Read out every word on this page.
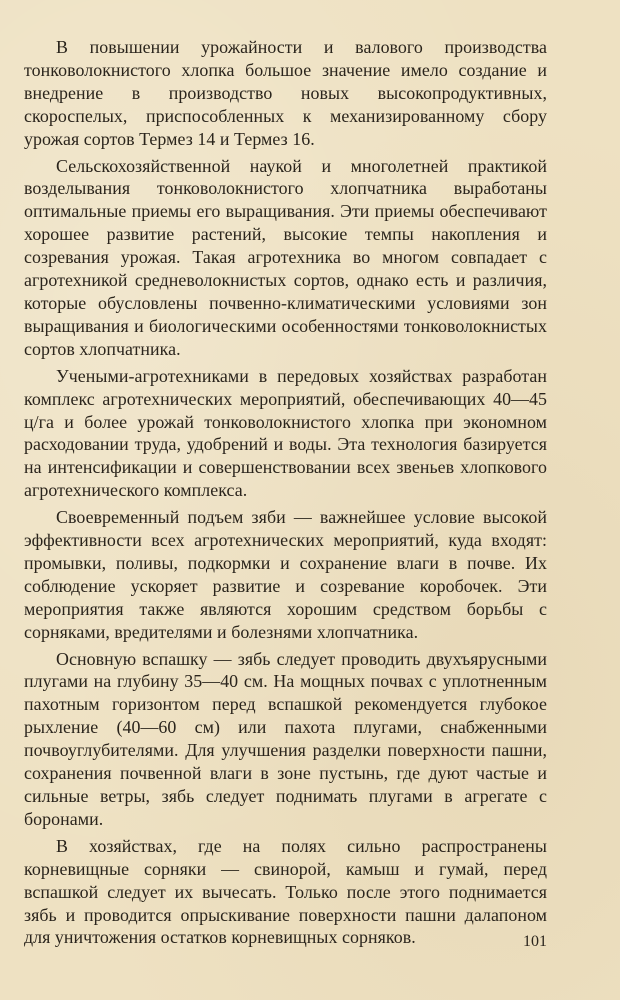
В повышении урожайности и валового производства тонковолокнистого хлопка большое значение имело создание и внедрение в производство новых высокопродуктивных, скороспелых, приспособленных к механизированному сбору урожая сортов Термез 14 и Термез 16.

Сельскохозяйственной наукой и многолетней практикой возделывания тонковолокнистого хлопчатника выработаны оптимальные приемы его выращивания. Эти приемы обеспечивают хорошее развитие растений, высокие темпы накопления и созревания урожая. Такая агротехника во многом совпадает с агротехникой средневолокнистых сортов, однако есть и различия, которые обусловлены почвенно-климатическими условиями зон выращивания и биологическими особенностями тонковолокнистых сортов хлопчатника.

Учеными-агротехниками в передовых хозяйствах разработан комплекс агротехнических мероприятий, обеспечивающих 40—45 ц/га и более урожай тонковолокнистого хлопка при экономном расходовании труда, удобрений и воды. Эта технология базируется на интенсификации и совершенствовании всех звеньев хлопкового агротехнического комплекса.

Своевременный подъем зяби — важнейшее условие высокой эффективности всех агротехнических мероприятий, куда входят: промывки, поливы, подкормки и сохранение влаги в почве. Их соблюдение ускоряет развитие и созревание коробочек. Эти мероприятия также являются хорошим средством борьбы с сорняками, вредителями и болезнями хлопчатника.

Основную вспашку — зябь следует проводить двухъярусными плугами на глубину 35—40 см. На мощных почвах с уплотненным пахотным горизонтом перед вспашкой рекомендуется глубокое рыхление (40—60 см) или пахота плугами, снабженными почвоуглубителями. Для улучшения разделки поверхности пашни, сохранения почвенной влаги в зоне пустынь, где дуют частые и сильные ветры, зябь следует поднимать плугами в агрегате с боронами.

В хозяйствах, где на полях сильно распространены корневищные сорняки — свинорой, камыш и гумай, перед вспашкой следует их вычесать. Только после этого поднимается зябь и проводится опрыскивание поверхности пашни далапоном для уничтожения остатков корневищных сорняков.	101
